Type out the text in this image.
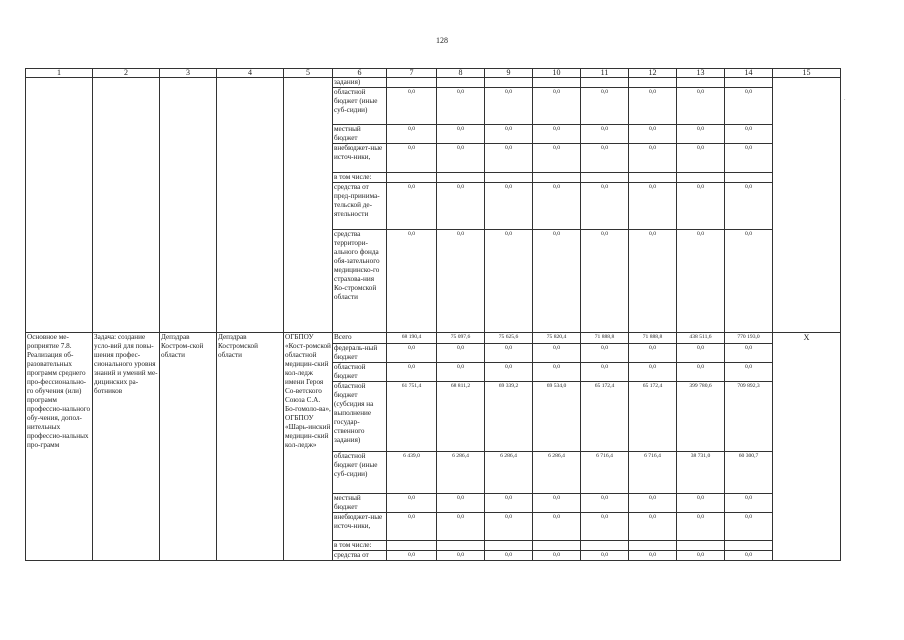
128
1	2	3	4	5	6	7	8	9	10	11	12	13	14	15
					задания)									
					областной бюджет (иные суб-сидии)	0,0	0,0	0,0	0,0	0,0	0,0	0,0	0,0	
					местный бюджет	0,0	0,0	0,0	0,0	0,0	0,0	0,0	0,0	
					внебюджет-ные источ-ники,	0,0	0,0	0,0	0,0	0,0	0,0	0,0	0,0	
					в том числе:									
					средства от пред-принима-тельской де-ятельности	0,0	0,0	0,0	0,0	0,0	0,0	0,0	0,0	
					средства территори-ального фонда обя-зательного медицинско-го страхова-ния Ко-стромской области	0,0	0,0	0,0	0,0	0,0	0,0	0,0	0,0	
Основное ме-роприятие 7.8. Реализация об-разовательных программ среднего про-фессионально-го обучения (или) программ профессио-нального обу-чения, допол-нительных профессио-нальных про-грамм	Задача: создание усло-вий для повы-шения профес-сионального уровня знаний и умений ме-дицинских ра-ботников	Депздрав Костром-ской области	Депздрав Костромской области	ОГБПОУ «Кост-ромской областной медицин-ский кол-ледж имени Героя Со-ветского Союза С.А. Бо-гомоло-ва», ОГБПОУ «Шарь-инский медицин-ский кол-ледж»	Всего	68 190,4	75 097,6	75 625,6	75 820,4	71 888,8	71 888,8	438 511,6	770 193,0	X
					федераль-ный бюджет	0,0	0,0	0,0	0,0	0,0	0,0	0,0	0,0	
					областной бюджет	0,0	0,0	0,0	0,0	0,0	0,0	0,0	0,0	
					областной бюджет (субсидия на выполнение государ-ственного задания)	61 751,4	68 811,2	69 339,2	69 534,0	65 172,4	65 172,4	399 780,6	709 892,3	
					областной бюджет (иные суб-сидии)	6 439,0	6 286,4	6 286,4	6 286,4	6 716,4	6 716,4	38 731,0	60 300,7	
					местный бюджет	0,0	0,0	0,0	0,0	0,0	0,0	0,0	0,0	
					внебюджет-ные источ-ники,	0,0	0,0	0,0	0,0	0,0	0,0	0,0	0,0	
					в том числе:									
					средства от	0,0	0,0	0,0	0,0	0,0	0,0	0,0	0,0	
.
